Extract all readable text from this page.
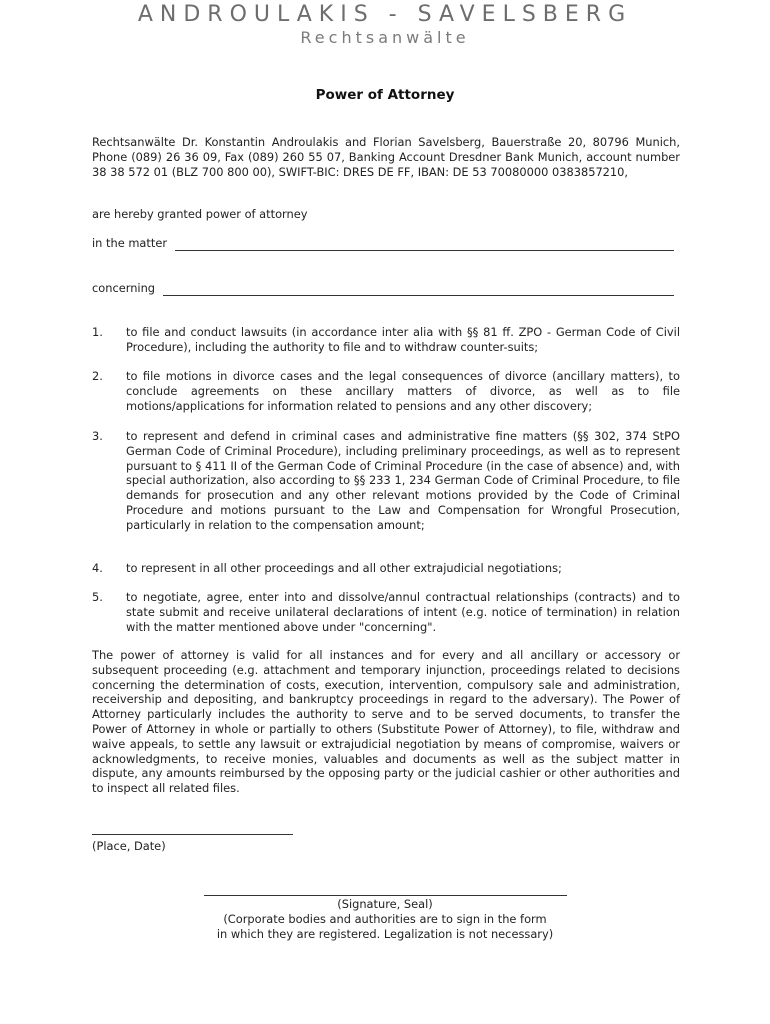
ANDROULAKIS - SAVELSBERG
Rechtsanwälte
Power of Attorney
Rechtsanwälte Dr. Konstantin Androulakis and Florian Savelsberg, Bauerstraße 20, 80796 Munich, Phone (089) 26 36 09, Fax (089) 260 55 07, Banking Account Dresdner Bank Munich, account number 38 38 572 01 (BLZ 700 800 00), SWIFT-BIC: DRES DE FF, IBAN: DE 53 70080000 0383857210,
are hereby granted power of attorney
in the matter
concerning
1. to file and conduct lawsuits (in accordance inter alia with §§ 81 ff. ZPO - German Code of Civil Procedure), including the authority to file and to withdraw counter-suits;
2. to file motions in divorce cases and the legal consequences of divorce (ancillary matters), to conclude agreements on these ancillary matters of divorce, as well as to file motions/applications for information related to pensions and any other discovery;
3. to represent and defend in criminal cases and administrative fine matters (§§ 302, 374 StPO German Code of Criminal Procedure), including preliminary proceedings, as well as to represent pursuant to § 411 II of the German Code of Criminal Procedure (in the case of absence) and, with special authorization, also according to §§ 233 1, 234 German Code of Criminal Procedure, to file demands for prosecution and any other relevant motions provided by the Code of Criminal Procedure and motions pursuant to the Law and Compensation for Wrongful Prosecution, particularly in relation to the compensation amount;
4. to represent in all other proceedings and all other extrajudicial negotiations;
5. to negotiate, agree, enter into and dissolve/annul contractual relationships (contracts) and to state submit and receive unilateral declarations of intent (e.g. notice of termination) in relation with the matter mentioned above under "concerning".
The power of attorney is valid for all instances and for every and all ancillary or accessory or subsequent proceeding (e.g. attachment and temporary injunction, proceedings related to decisions concerning the determination of costs, execution, intervention, compulsory sale and administration, receivership and depositing, and bankruptcy proceedings in regard to the adversary). The Power of Attorney particularly includes the authority to serve and to be served documents, to transfer the Power of Attorney in whole or partially to others (Substitute Power of Attorney), to file, withdraw and waive appeals, to settle any lawsuit or extrajudicial negotiation by means of compromise, waivers or acknowledgments, to receive monies, valuables and documents as well as the subject matter in dispute, any amounts reimbursed by the opposing party or the judicial cashier or other authorities and to inspect all related files.
(Place, Date)
(Signature, Seal)
(Corporate bodies and authorities are to sign in the form
in which they are registered. Legalization is not necessary)
